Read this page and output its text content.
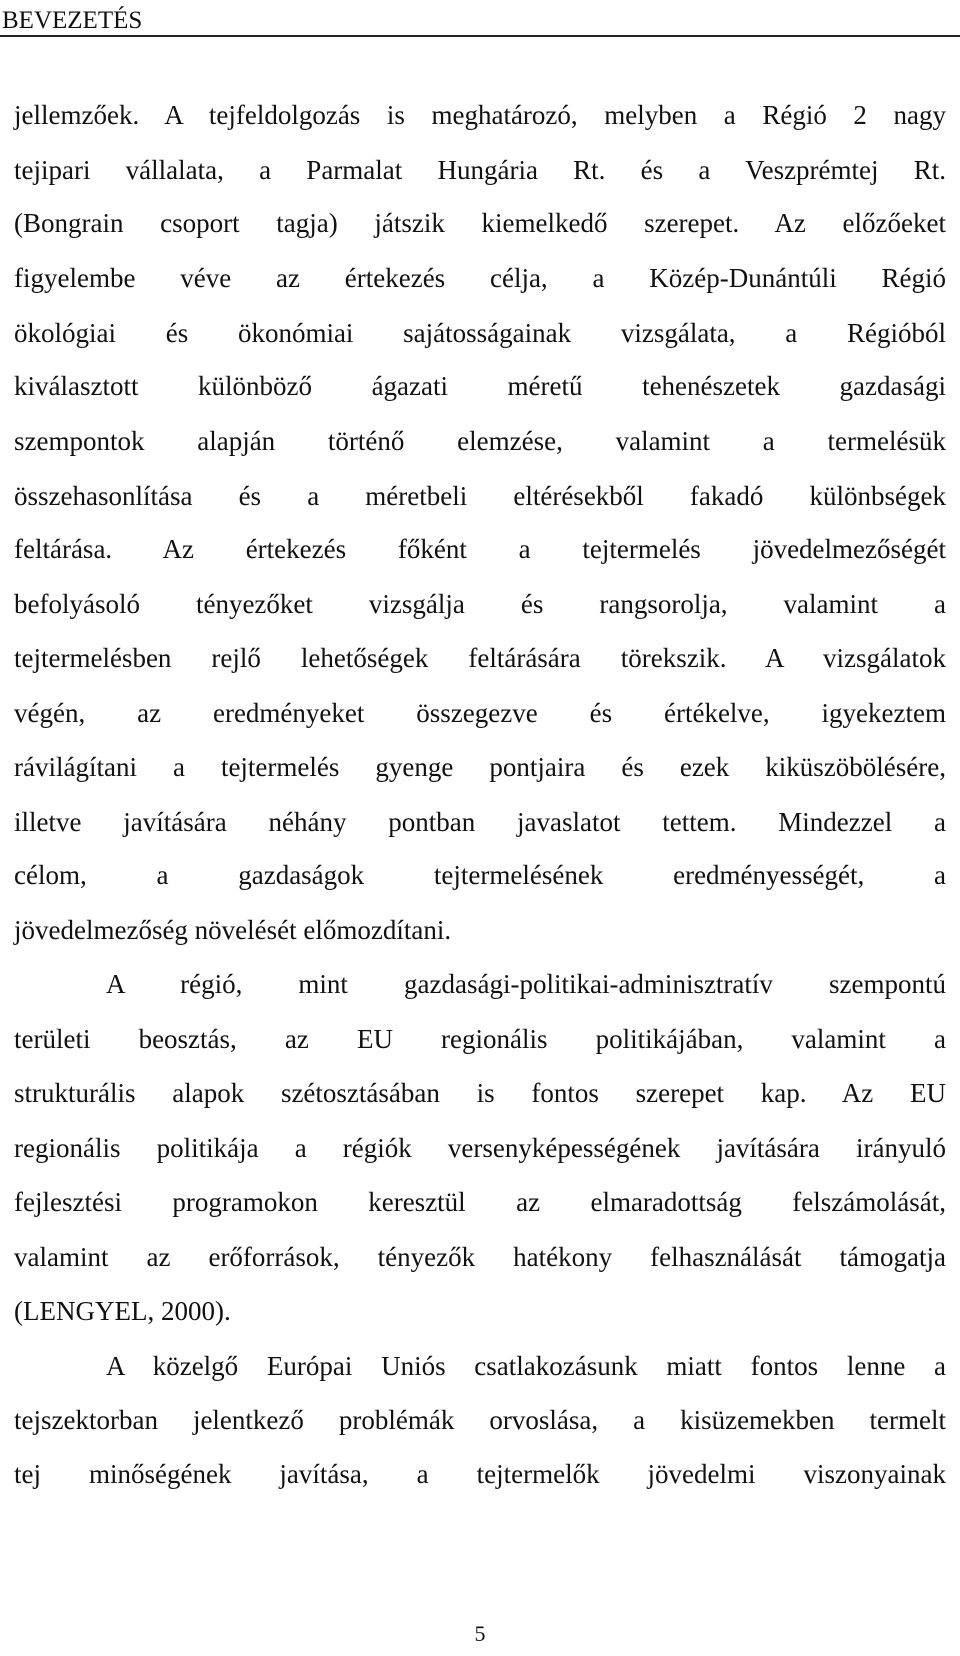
BEVEZETÉS
jellemzőek. A tejfeldolgozás is meghatározó, melyben a Régió 2 nagy
tejipari vállalata, a Parmalat Hungária Rt. és a Veszprémtej Rt.
(Bongrain csoport tagja) játszik kiemelkedő szerepet. Az előzőeket
figyelembe véve az értekezés célja, a Közép-Dunántúli Régió
ökológiai és ökonómiai sajátosságainak vizsgálata, a Régióból
kiválasztott különböző ágazati méretű tehenészetek gazdasági
szempontok alapján történő elemzése, valamint a termelésük
összehasonlítása és a méretbeli eltérésekből fakadó különbségek
feltárása. Az értekezés főként a tejtermelés jövedelmezőségét
befolyásoló tényezőket vizsgálja és rangsorolja, valamint a
tejtermelésben rejlő lehetőségek feltárására törekszik. A vizsgálatok
végén, az eredményeket összegezve és értékelve, igyekeztem
rávilágítani a tejtermelés gyenge pontjaira és ezek kiküszöbölésére,
illetve javítására néhány pontban javaslatot tettem. Mindezzel a
célom, a gazdaságok tejtermelésének eredményességét, a
jövedelmezőség növelését előmozdítani.
A régió, mint gazdasági-politikai-adminisztratív szempontú
területi beosztás, az EU regionális politikájában, valamint a
strukturális alapok szétosztásában is fontos szerepet kap. Az EU
regionális politikája a régiók versenyképességének javítására irányuló
fejlesztési programokon keresztül az elmaradottság felszámolását,
valamint az erőforrások, tényezők hatékony felhasználását támogatja
(LENGYEL, 2000).
A közelgő Európai Uniós csatlakozásunk miatt fontos lenne a
tejszektorban jelentkező problémák orvoslása, a kisüzemekben termelt
tej minőségének javítása, a tejtermelők jövedelmi viszonyainak
5
